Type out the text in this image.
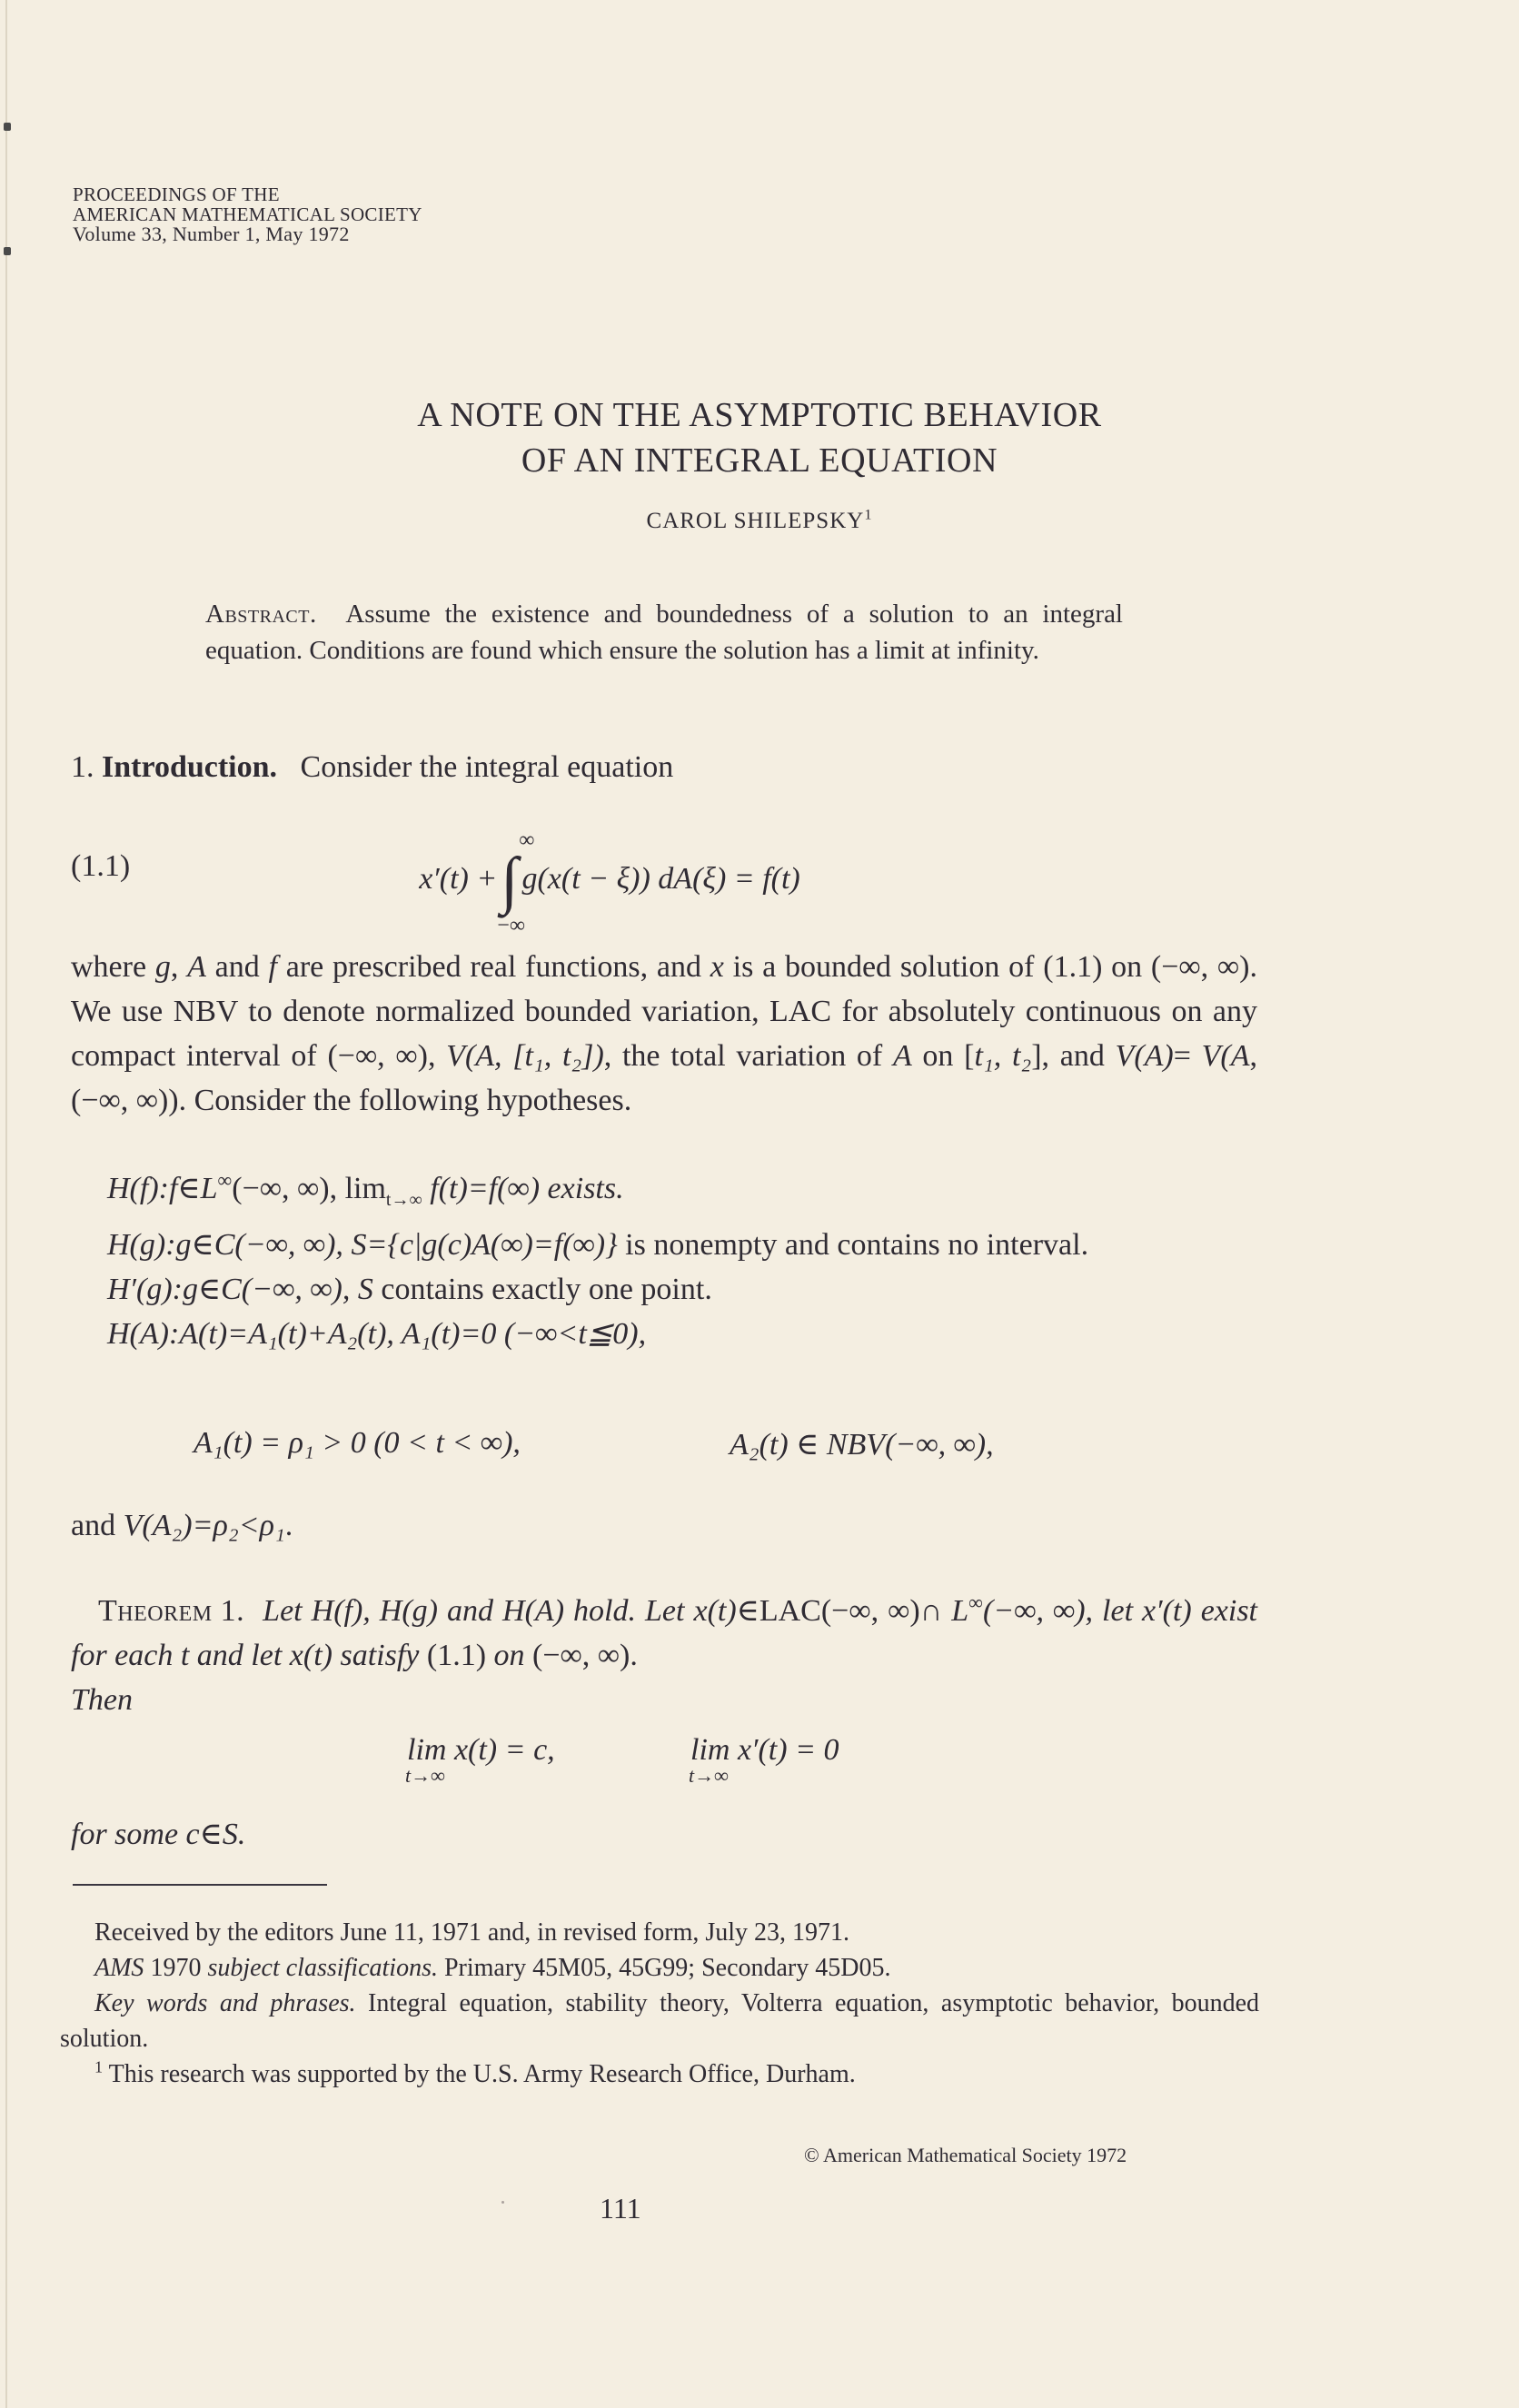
PROCEEDINGS OF THE
AMERICAN MATHEMATICAL SOCIETY
Volume 33, Number 1, May 1972
A NOTE ON THE ASYMPTOTIC BEHAVIOR
OF AN INTEGRAL EQUATION
CAROL SHILEPSKY$^1$
Abstract. Assume the existence and boundedness of a solution to an integral equation. Conditions are found which ensure the solution has a limit at infinity.
1. Introduction. Consider the integral equation
(1.1)	x′(t) +∫
∞
−∞
g(x(t − ξ)) dA(ξ) = f(t)
where g, A and f are prescribed real functions, and x is a bounded solution of (1.1) on (−∞, ∞). We use NBV to denote normalized bounded variation, LAC for absolutely continuous on any compact interval of (−∞, ∞), V(A, [t₁, t₂]), the total variation of A on [t₁, t₂], and V(A)= V(A, (−∞, ∞)). Consider the following hypotheses.
H(f):f∈L∞(−∞, ∞), $\lim_{t\to\infty} f(t)=f(\infty)$ exists.
H(g):g∈C(−∞, ∞), S={c|g(c)A(∞)=f(∞)} is nonempty and contains no interval.
H′(g):g∈C(−∞, ∞), S contains exactly one point.
H(A):A(t)=A₁(t)+A₂(t), A₁(t)=0 (−∞<t≦0),
A₁(t) = ρ₁ > 0 (0 < t < ∞),	A₂(t) ∈ NBV(−∞, ∞),
and V(A₂)=ρ₂<ρ₁.
Theorem 1. Let H(f), H(g) and H(A) hold. Let x(t)∈LAC(−∞, ∞)∩ L∞(−∞, ∞), let x′(t) exist for each t and let x(t) satisfy (1.1) on (−∞, ∞).
Then
lim x(t) = c,
t→∞
lim x′(t) = 0
t→∞
for some c∈S.

Received by the editors June 11, 1971 and, in revised form, July 23, 1971.

AMS 1970 subject classifications. Primary 45M05, 45G99; Secondary 45D05.

Key words and phrases. Integral equation, stability theory, Volterra equation, asymptotic behavior, bounded solution.

$^1$ This research was supported by the U.S. Army Research Office, Durham.

© American Mathematical Society 1972
111
